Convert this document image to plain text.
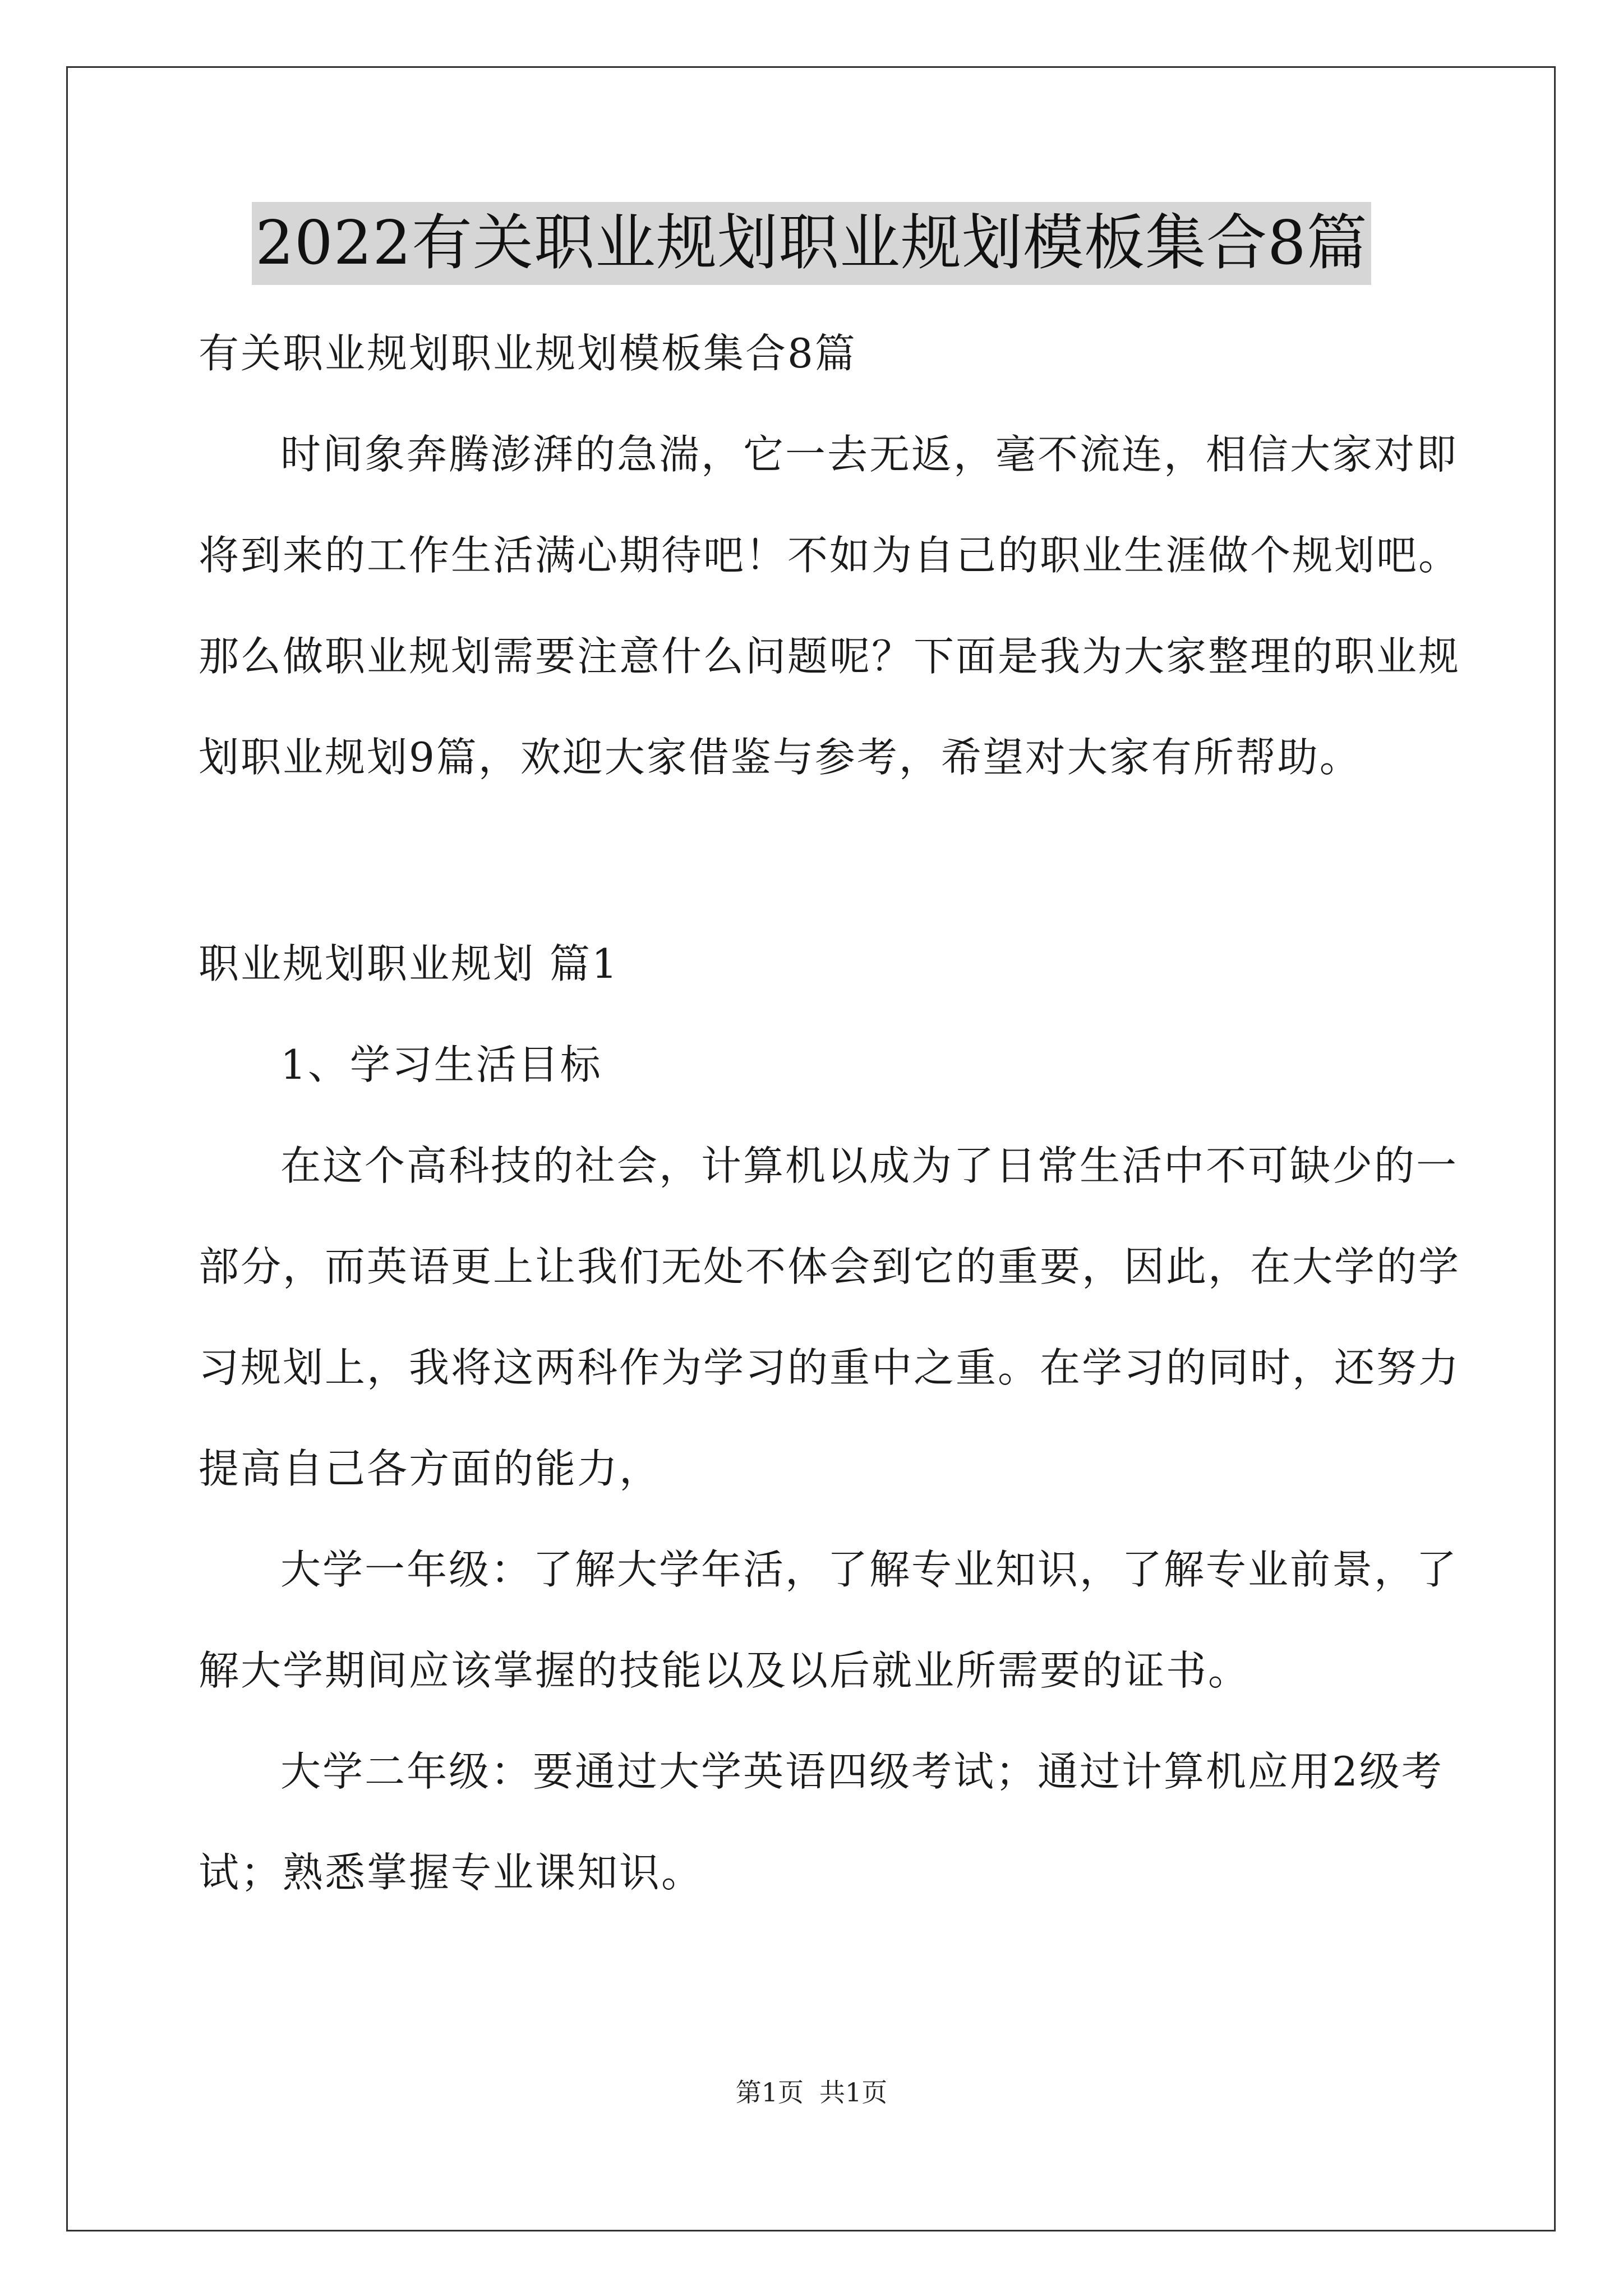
2022有关职业规划职业规划模板集合8篇

有关职业规划职业规划模板集合8篇

时间象奔腾澎湃的急湍，它一去无返，毫不流连，相信大家对即

将到来的工作生活满心期待吧！不如为自己的职业生涯做个规划吧。

那么做职业规划需要注意什么问题呢？下面是我为大家整理的职业规

划职业规划9篇，欢迎大家借鉴与参考，希望对大家有所帮助。

职业规划职业规划 篇1

1、学习生活目标

在这个高科技的社会，计算机以成为了日常生活中不可缺少的一

部分，而英语更上让我们无处不体会到它的重要，因此，在大学的学

习规划上，我将这两科作为学习的重中之重。在学习的同时，还努力

提高自己各方面的能力，

大学一年级：了解大学年活，了解专业知识，了解专业前景，了

解大学期间应该掌握的技能以及以后就业所需要的证书。

大学二年级：要通过大学英语四级考试；通过计算机应用2级考

试；熟悉掌握专业课知识。

第1页 共1页
